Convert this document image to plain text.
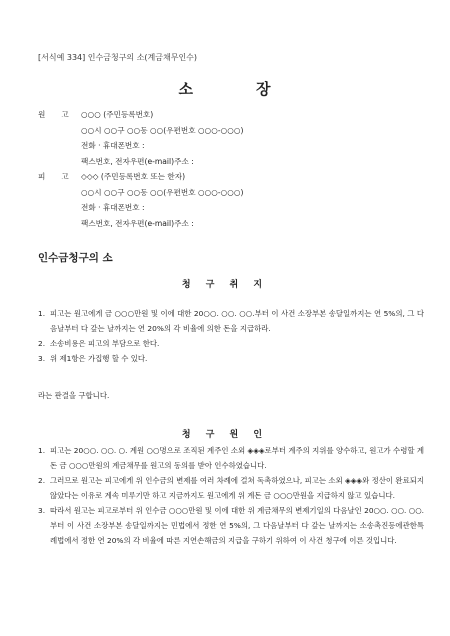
[서식예 334] 인수금청구의 소(계금채무인수)
소	장
원 고	○○○ (주민등록번호)
○○시 ○○구 ○○동 ○○(우편번호 ○○○-○○○)
전화 · 휴대폰번호 :
팩스번호, 전자우편(e-mail)주소 :
피 고	◇◇◇ (주민등록번호 또는 한자)
○○시 ○○구 ○○동 ○○(우편번호 ○○○-○○○)
전화 · 휴대폰번호 :
팩스번호, 전자우편(e-mail)주소 :
인수금청구의 소
청 구 취 지
1. 피고는 원고에게 금 ○○○만원 및 이에 대한 20○○. ○○. ○○.부터 이 사건 소장부본 송달일까지는 연 5%의, 그 다음날부터 다 갚는 날까지는 연 20%의 각 비율에 의한 돈을 지급하라.
2. 소송비용은 피고의 부담으로 한다.
3. 위 제1항은 가집행 할 수 있다.
라는 판결을 구합니다.
청 구 원 인
1. 피고는 20○○. ○○. ○. 계원 ○○명으로 조직된 계주인 소외 ◈◈◈로부터 계주의 지위를 양수하고, 원고가 수령할 계돈 금 ○○○만원의 계금채무를 원고의 동의를 받아 인수하였습니다.
2. 그러므로 원고는 피고에게 위 인수금의 변제를 여러 차례에 걸쳐 독촉하였으나, 피고는 소외 ◈◈◈와 정산이 완료되지 않았다는 이유로 계속 미루기만 하고 지금까지도 원고에게 위 계돈 금 ○○○만원을 지급하지 않고 있습니다.
3. 따라서 원고는 피고로부터 위 인수금 ○○○만원 및 이에 대한 위 계금채무의 변제기일의 다음날인 20○○. ○○. ○○.부터 이 사건 소장부본 송달일까지는 민법에서 정한 연 5%의, 그 다음날부터 다 갚는 날까지는 소송촉진등에관한특례법에서 정한 연 20%의 각 비율에 따른 지연손해금의 지급을 구하기 위하여 이 사건 청구에 이른 것입니다.
